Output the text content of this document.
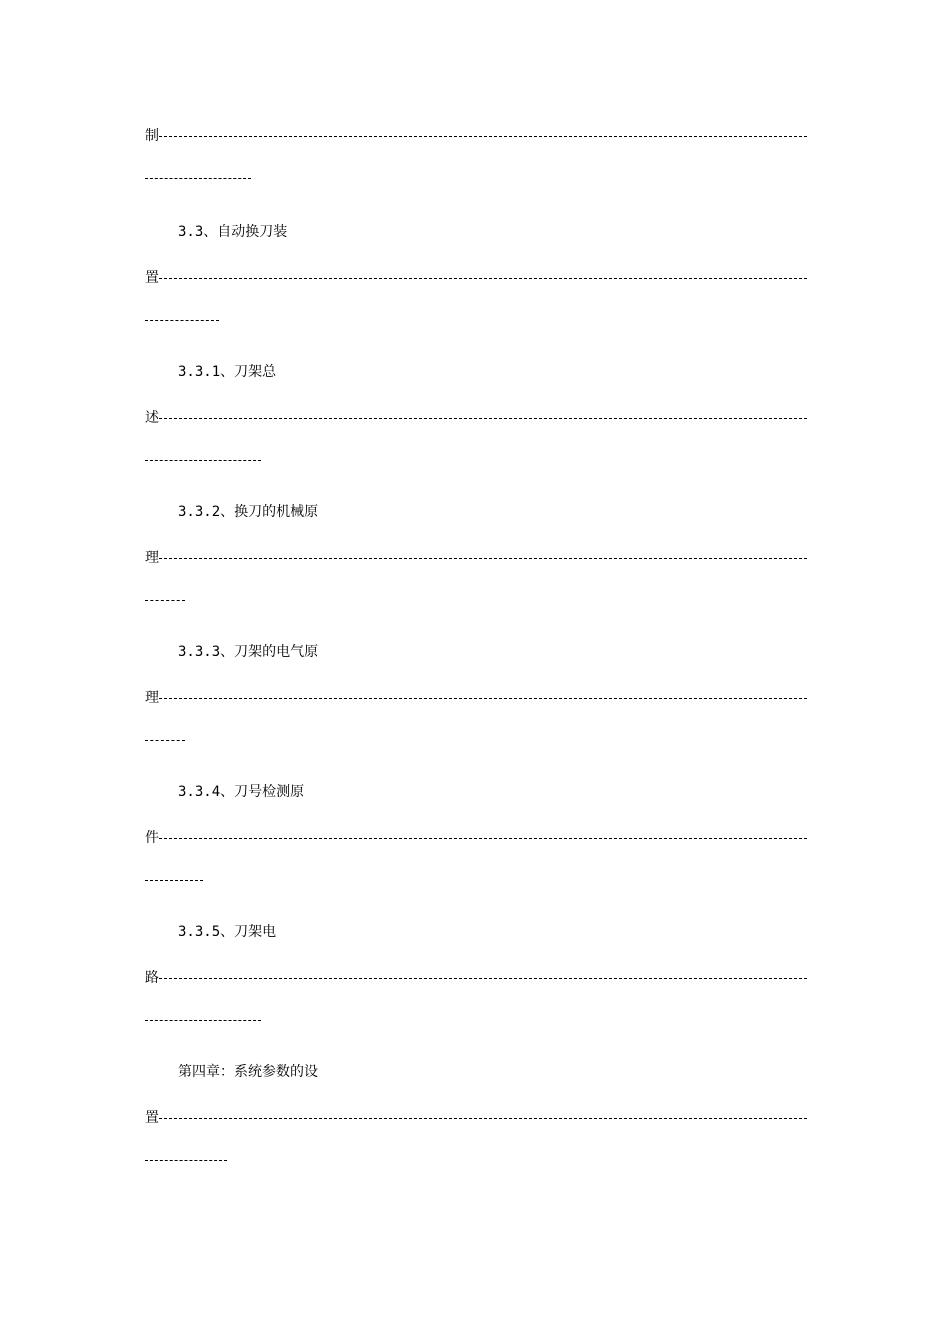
制
3.3、自动换刀装
置
3.3.1、刀架总
述
3.3.2、换刀的机械原
理
3.3.3、刀架的电气原
理
3.3.4、刀号检测原
件
3.3.5、刀架电
路
第四章：系统参数的设
置
